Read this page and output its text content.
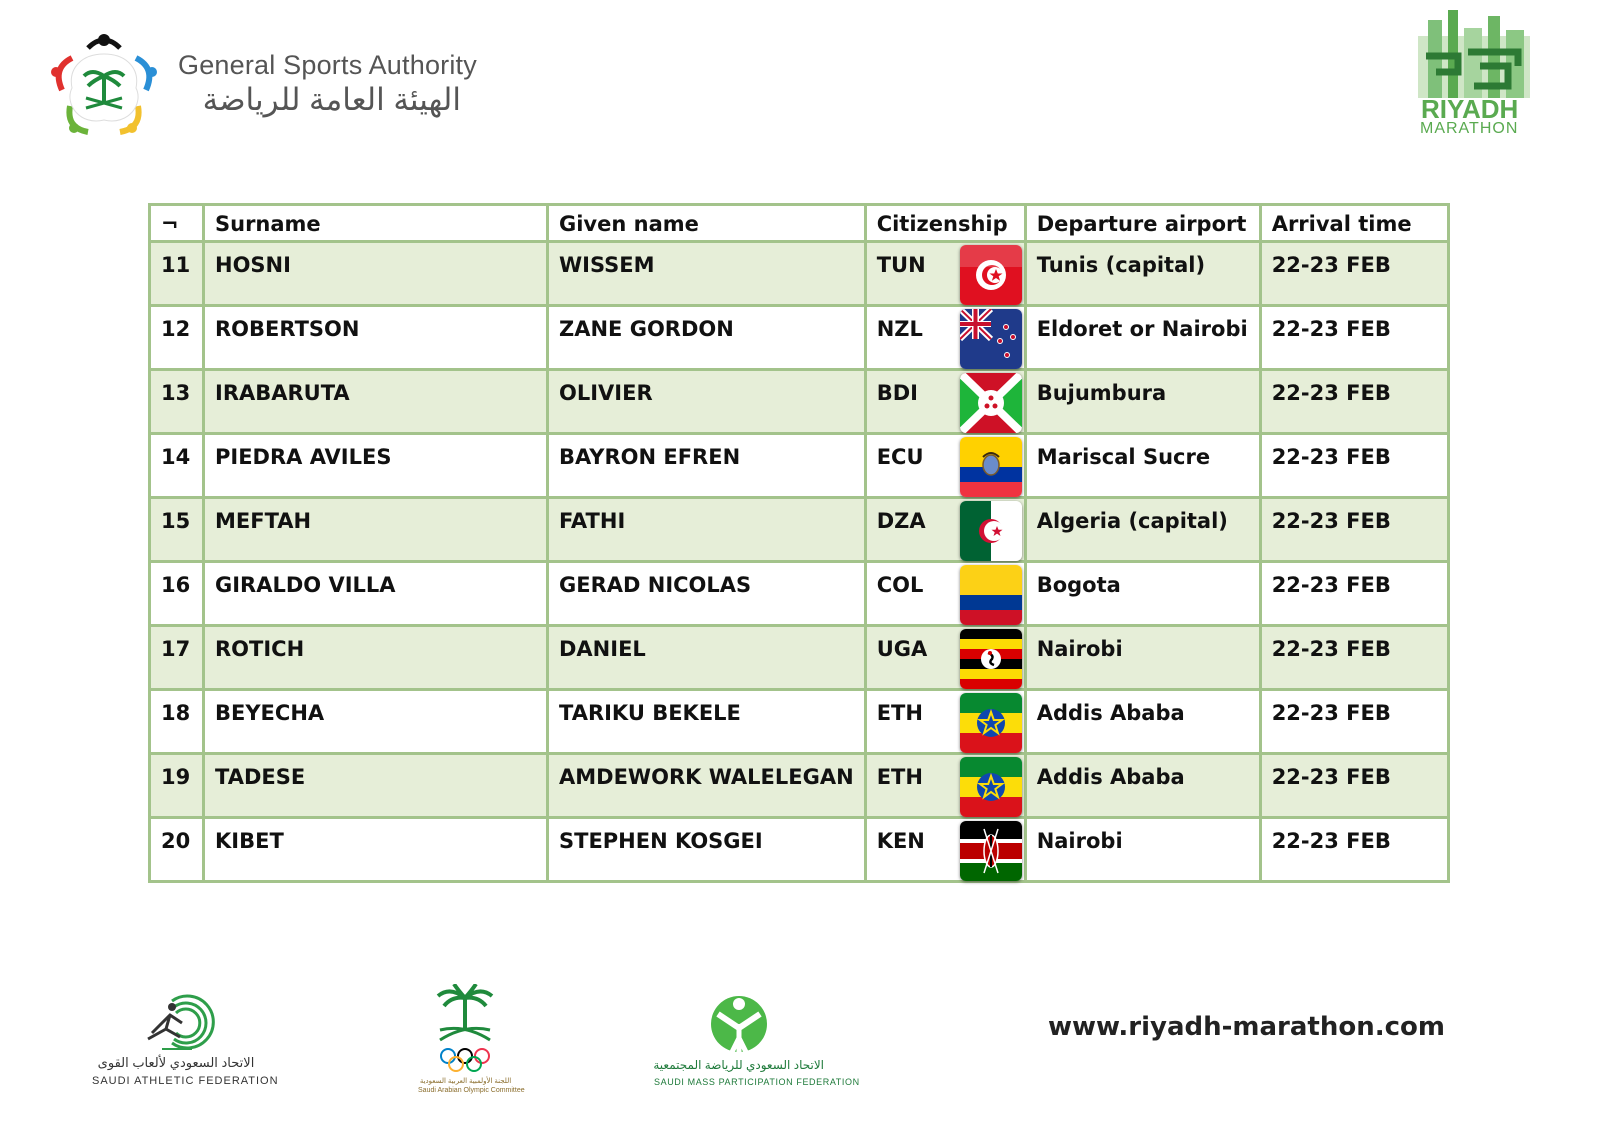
General Sports Authority
الهيئة العامة للرياضة	RIYADH
MARATHON
¬	Surname	Given name	Citizenship	Departure airport	Arrival time
11	HOSNI	WISSEM	TUN	Tunis (capital)	22-23 FEB
12	ROBERTSON	ZANE GORDON	NZL	Eldoret or Nairobi	22-23 FEB
13	IRABARUTA	OLIVIER	BDI	Bujumbura	22-23 FEB
14	PIEDRA AVILES	BAYRON EFREN	ECU	Mariscal Sucre	22-23 FEB
15	MEFTAH	FATHI	DZA	Algeria (capital)	22-23 FEB
16	GIRALDO VILLA	GERAD NICOLAS	COL	Bogota	22-23 FEB
17	ROTICH	DANIEL	UGA	Nairobi	22-23 FEB
18	BEYECHA	TARIKU BEKELE	ETH	Addis Ababa	22-23 FEB
19	TADESE	AMDEWORK WALELEGAN	ETH	Addis Ababa	22-23 FEB
20	KIBET	STEPHEN KOSGEI	KEN	Nairobi	22-23 FEB
الاتحاد السعودي لألعاب القوى
SAUDI ATHLETIC FEDERATION	اللجنة الأولمبية العربية السعودية
Saudi Arabian Olympic Committee
الاتحاد السعودي للرياضة المجتمعية
SAUDI MASS PARTICIPATION FEDERATION
www.riyadh-marathon.com
